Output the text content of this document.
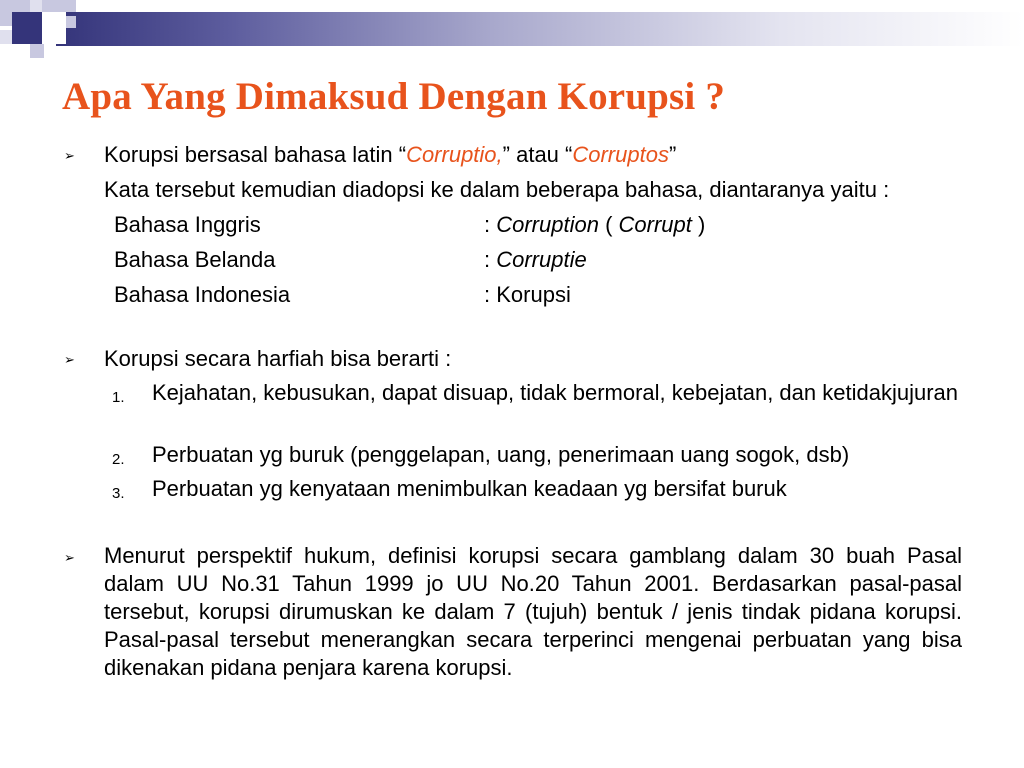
Apa Yang Dimaksud Dengan Korupsi ?
➢ Korupsi bersasal bahasa latin “Corruptio,” atau “Corruptos”
Kata tersebut kemudian diadopsi ke dalam beberapa bahasa, diantaranya yaitu :
Bahasa Inggris	: Corruption ( Corrupt )
Bahasa Belanda	: Corruptie
Bahasa Indonesia	: Korupsi
➢ Korupsi secara harfiah bisa berarti :
1. Kejahatan, kebusukan, dapat disuap, tidak bermoral, kebejatan, dan ketidakjujuran
2. Perbuatan yg buruk (penggelapan, uang, penerimaan uang sogok, dsb)
3. Perbuatan yg kenyataan menimbulkan keadaan yg bersifat buruk
➢ Menurut perspektif hukum, definisi korupsi secara gamblang dalam 30 buah Pasal dalam UU No.31 Tahun 1999 jo UU No.20 Tahun 2001. Berdasarkan pasal-pasal tersebut, korupsi dirumuskan ke dalam 7 (tujuh) bentuk / jenis tindak pidana korupsi. Pasal-pasal tersebut menerangkan secara terperinci mengenai perbuatan yang bisa dikenakan pidana penjara karena korupsi.
